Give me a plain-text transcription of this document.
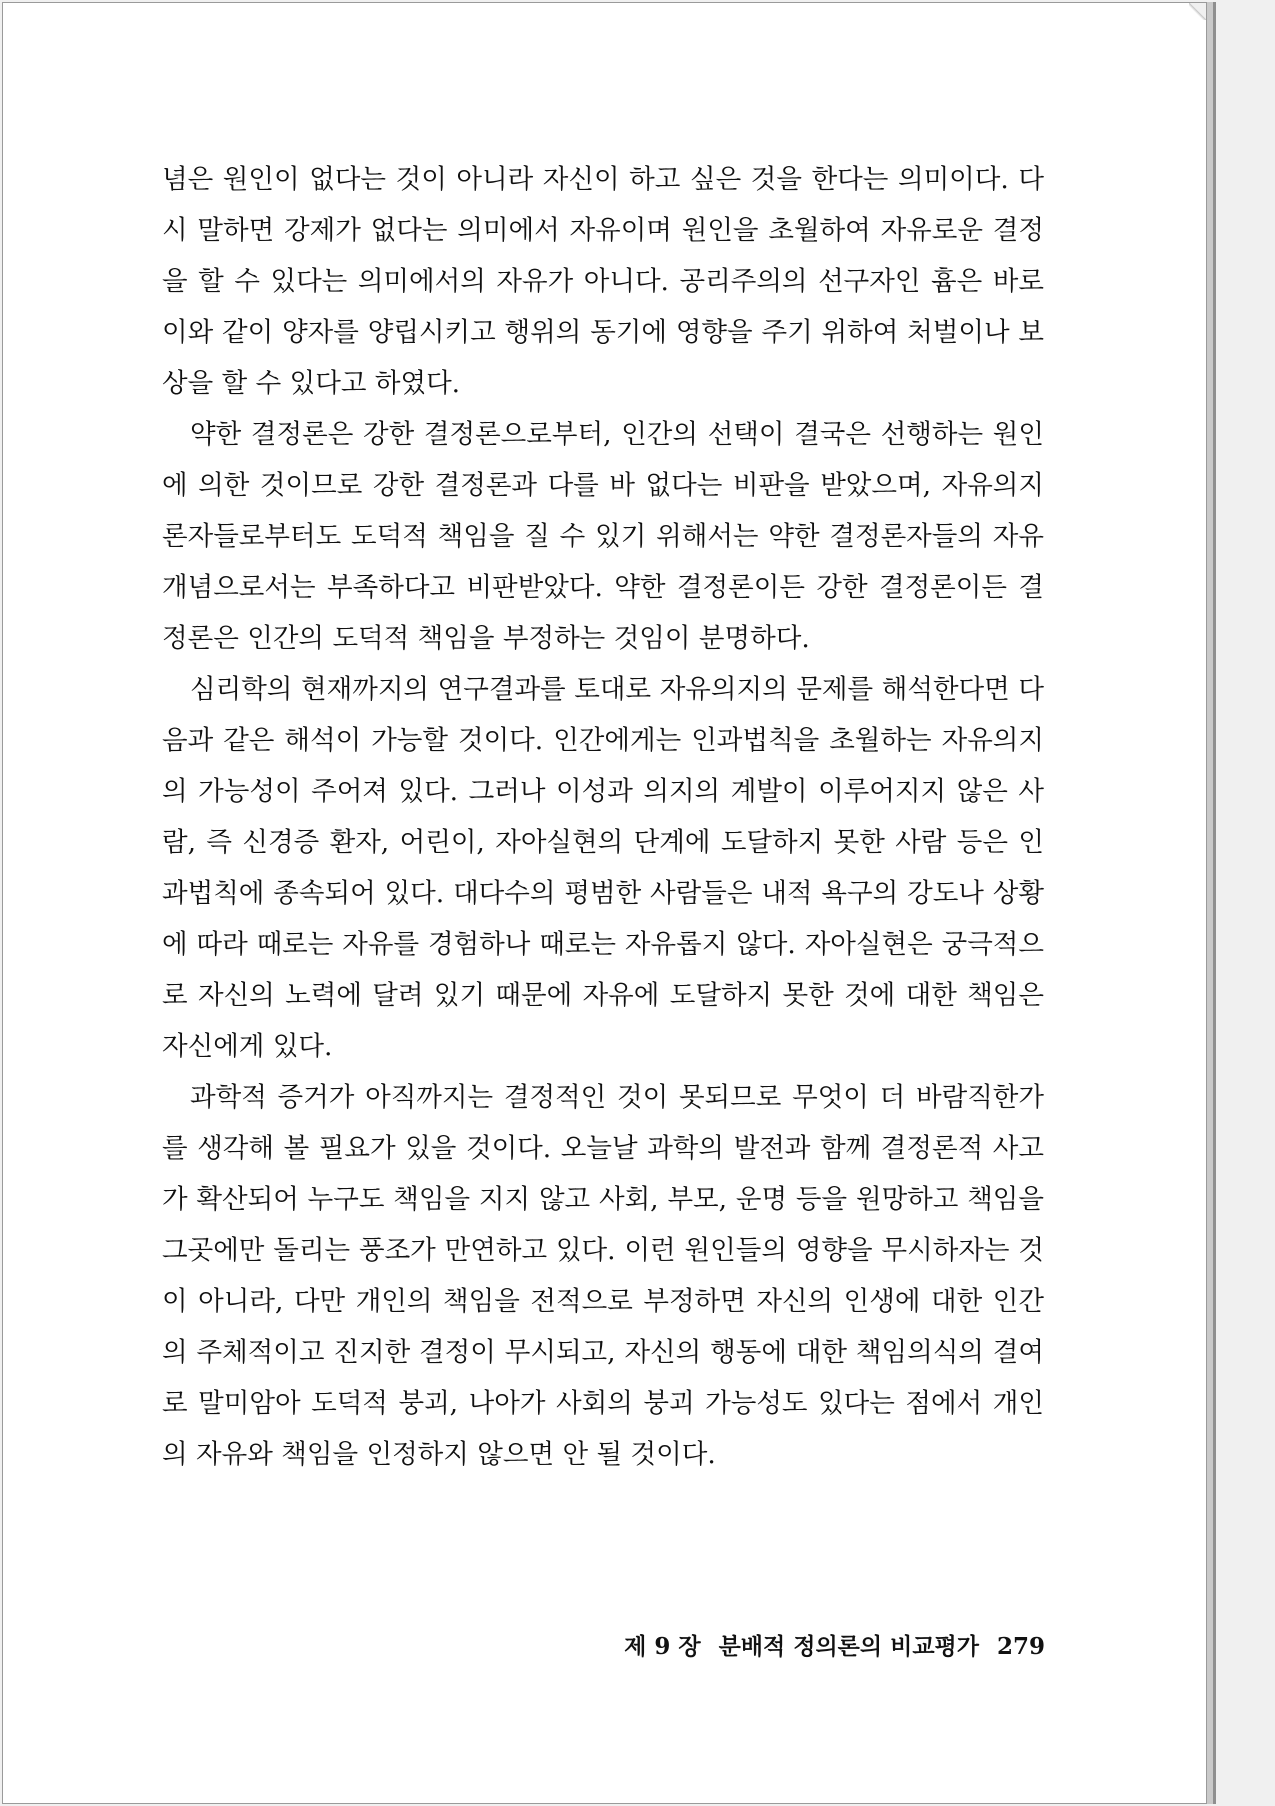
념은 원인이 없다는 것이 아니라 자신이 하고 싶은 것을 한다는 의미이다. 다시 말하면 강제가 없다는 의미에서 자유이며 원인을 초월하여 자유로운 결정을 할 수 있다는 의미에서의 자유가 아니다. 공리주의의 선구자인 흄은 바로 이와 같이 양자를 양립시키고 행위의 동기에 영향을 주기 위하여 처벌이나 보상을 할 수 있다고 하였다.

약한 결정론은 강한 결정론으로부터, 인간의 선택이 결국은 선행하는 원인에 의한 것이므로 강한 결정론과 다를 바 없다는 비판을 받았으며, 자유의지론자들로부터도 도덕적 책임을 질 수 있기 위해서는 약한 결정론자들의 자유 개념으로서는 부족하다고 비판받았다. 약한 결정론이든 강한 결정론이든 결정론은 인간의 도덕적 책임을 부정하는 것임이 분명하다.

심리학의 현재까지의 연구결과를 토대로 자유의지의 문제를 해석한다면 다음과 같은 해석이 가능할 것이다. 인간에게는 인과법칙을 초월하는 자유의지의 가능성이 주어져 있다. 그러나 이성과 의지의 계발이 이루어지지 않은 사람, 즉 신경증 환자, 어린이, 자아실현의 단계에 도달하지 못한 사람 등은 인과법칙에 종속되어 있다. 대다수의 평범한 사람들은 내적 욕구의 강도나 상황에 따라 때로는 자유를 경험하나 때로는 자유롭지 않다. 자아실현은 궁극적으로 자신의 노력에 달려 있기 때문에 자유에 도달하지 못한 것에 대한 책임은 자신에게 있다.

과학적 증거가 아직까지는 결정적인 것이 못되므로 무엇이 더 바람직한가를 생각해 볼 필요가 있을 것이다. 오늘날 과학의 발전과 함께 결정론적 사고가 확산되어 누구도 책임을 지지 않고 사회, 부모, 운명 등을 원망하고 책임을 그곳에만 돌리는 풍조가 만연하고 있다. 이런 원인들의 영향을 무시하자는 것이 아니라, 다만 개인의 책임을 전적으로 부정하면 자신의 인생에 대한 인간의 주체적이고 진지한 결정이 무시되고, 자신의 행동에 대한 책임의식의 결여로 말미암아 도덕적 붕괴, 나아가 사회의 붕괴 가능성도 있다는 점에서 개인의 자유와 책임을 인정하지 않으면 안 될 것이다.

제 9 장 분배적 정의론의 비교평가 279
